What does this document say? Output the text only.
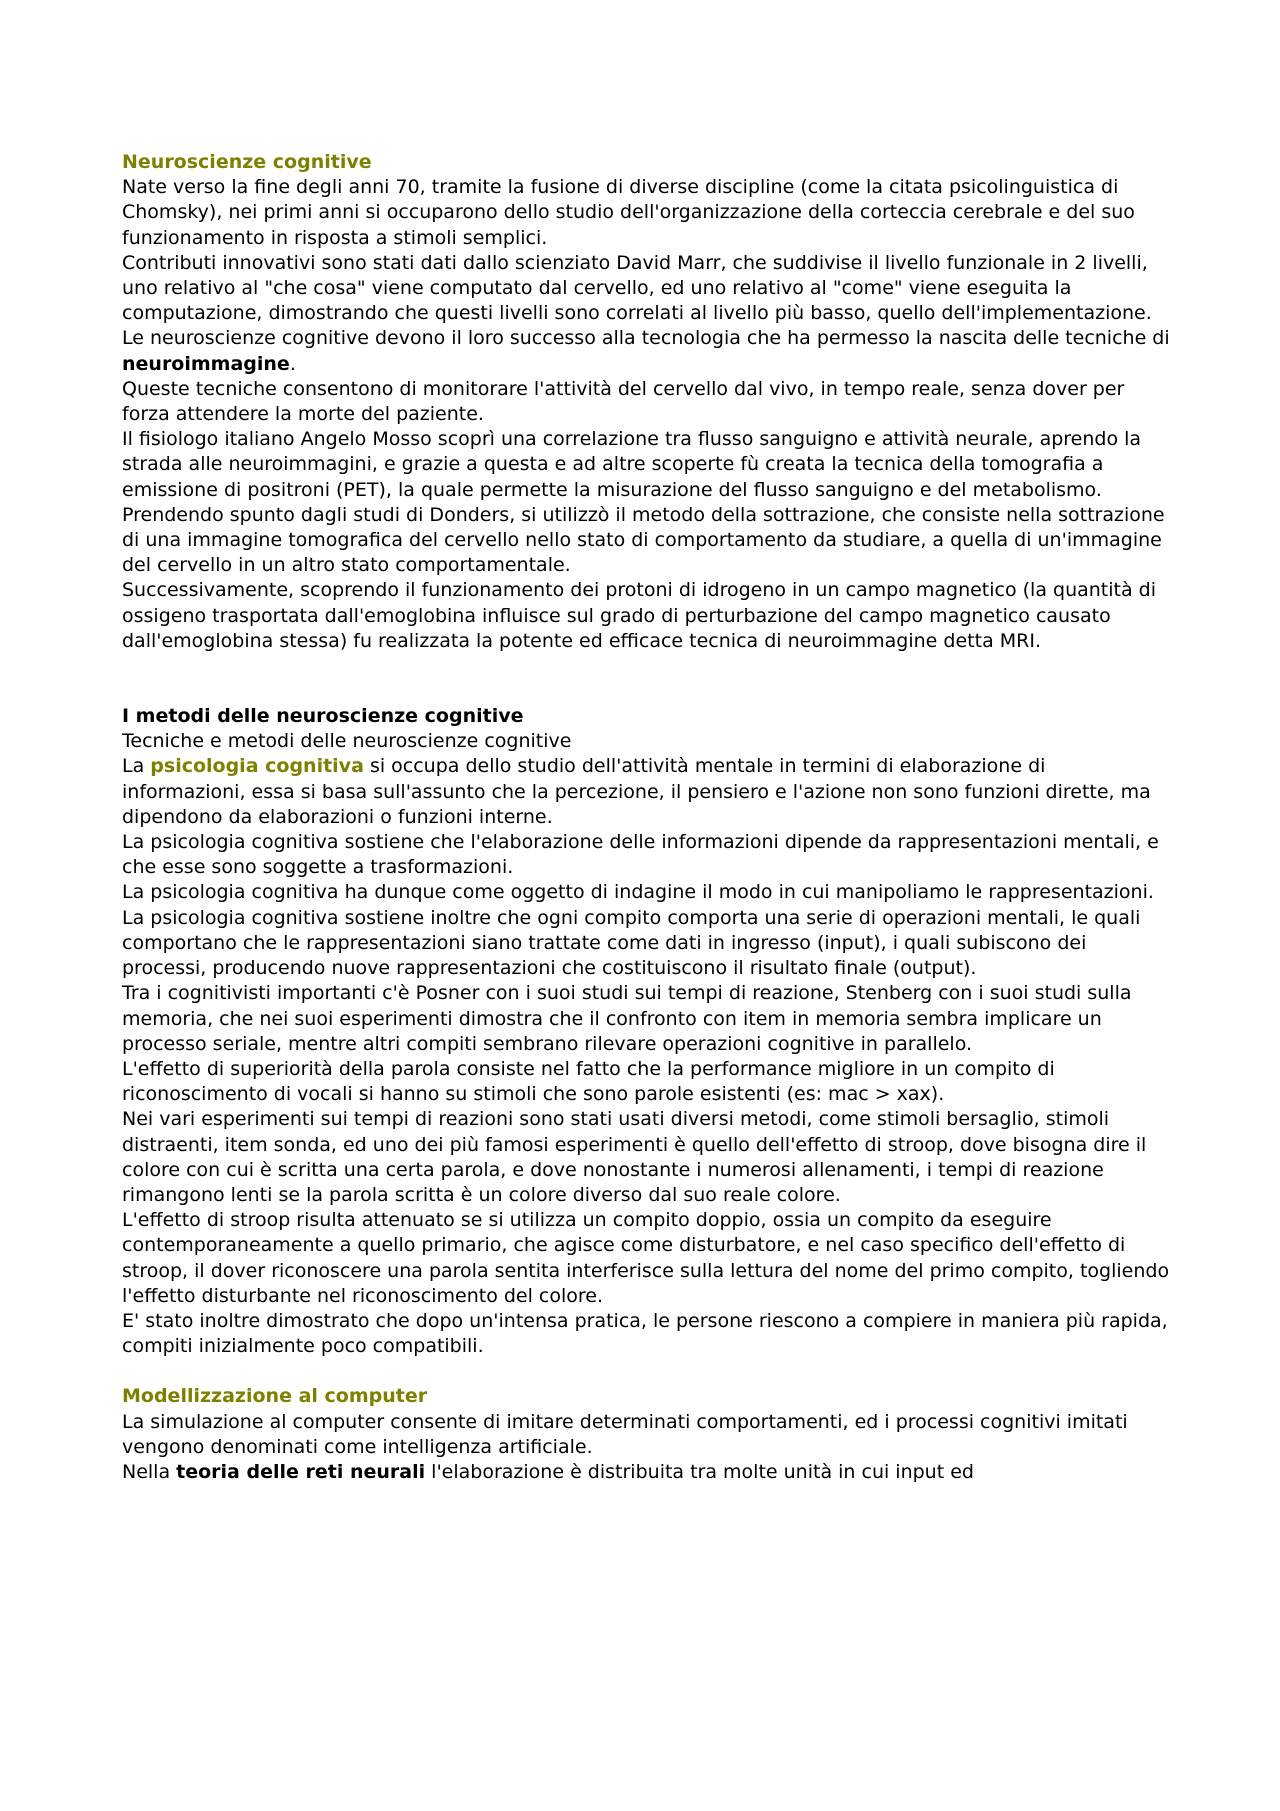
Neuroscienze cognitive

Nate verso la fine degli anni 70, tramite la fusione di diverse discipline (come la citata psicolinguistica di Chomsky), nei primi anni si occuparono dello studio dell'organizzazione della corteccia cerebrale e del suo funzionamento in risposta a stimoli semplici.

Contributi innovativi sono stati dati dallo scienziato David Marr, che suddivise il livello funzionale in 2 livelli, uno relativo al "che cosa" viene computato dal cervello, ed uno relativo al "come" viene eseguita la computazione, dimostrando che questi livelli sono correlati al livello più basso, quello dell'implementazione.

Le neuroscienze cognitive devono il loro successo alla tecnologia che ha permesso la nascita delle tecniche di neuroimmagine.

Queste tecniche consentono di monitorare l'attività del cervello dal vivo, in tempo reale, senza dover per forza attendere la morte del paziente.

Il fisiologo italiano Angelo Mosso scoprì una correlazione tra flusso sanguigno e attività neurale, aprendo la strada alle neuroimmagini, e grazie a questa e ad altre scoperte fù creata la tecnica della tomografia a emissione di positroni (PET), la quale permette la misurazione del flusso sanguigno e del metabolismo.

Prendendo spunto dagli studi di Donders, si utilizzò il metodo della sottrazione, che consiste nella sottrazione di una immagine tomografica del cervello nello stato di comportamento da studiare, a quella di un'immagine del cervello in un altro stato comportamentale.

Successivamente, scoprendo il funzionamento dei protoni di idrogeno in un campo magnetico (la quantità di ossigeno trasportata dall'emoglobina influisce sul grado di perturbazione del campo magnetico causato dall'emoglobina stessa) fu realizzata la potente ed efficace tecnica di neuroimmagine detta MRI.

I metodi delle neuroscienze cognitive

Tecniche e metodi delle neuroscienze cognitive

La psicologia cognitiva si occupa dello studio dell'attività mentale in termini di elaborazione di informazioni, essa si basa sull'assunto che la percezione, il pensiero e l'azione non sono funzioni dirette, ma dipendono da elaborazioni o funzioni interne.

La psicologia cognitiva sostiene che l'elaborazione delle informazioni dipende da rappresentazioni mentali, e che esse sono soggette a trasformazioni.

La psicologia cognitiva ha dunque come oggetto di indagine il modo in cui manipoliamo le rappresentazioni.

La psicologia cognitiva sostiene inoltre che ogni compito comporta una serie di operazioni mentali, le quali comportano che le rappresentazioni siano trattate come dati in ingresso (input), i quali subiscono dei processi, producendo nuove rappresentazioni che costituiscono il risultato finale (output).

Tra i cognitivisti importanti c'è Posner con i suoi studi sui tempi di reazione, Stenberg con i suoi studi sulla memoria, che nei suoi esperimenti dimostra che il confronto con item in memoria sembra implicare un processo seriale, mentre altri compiti sembrano rilevare operazioni cognitive in parallelo.

L'effetto di superiorità della parola consiste nel fatto che la performance migliore in un compito di riconoscimento di vocali si hanno su stimoli che sono parole esistenti (es: mac > xax).

Nei vari esperimenti sui tempi di reazioni sono stati usati diversi metodi, come stimoli bersaglio, stimoli distraenti, item sonda, ed uno dei più famosi esperimenti è quello dell'effetto di stroop, dove bisogna dire il colore con cui è scritta una certa parola, e dove nonostante i numerosi allenamenti, i tempi di reazione rimangono lenti se la parola scritta è un colore diverso dal suo reale colore.

L'effetto di stroop risulta attenuato se si utilizza un compito doppio, ossia un compito da eseguire contemporaneamente a quello primario, che agisce come disturbatore, e nel caso specifico dell'effetto di stroop, il dover riconoscere una parola sentita interferisce sulla lettura del nome del primo compito, togliendo l'effetto disturbante nel riconoscimento del colore.

E' stato inoltre dimostrato che dopo un'intensa pratica, le persone riescono a compiere in maniera più rapida, compiti inizialmente poco compatibili.

Modellizzazione al computer

La simulazione al computer consente di imitare determinati comportamenti, ed i processi cognitivi imitati vengono denominati come intelligenza artificiale.

Nella teoria delle reti neurali l'elaborazione è distribuita tra molte unità in cui input ed
